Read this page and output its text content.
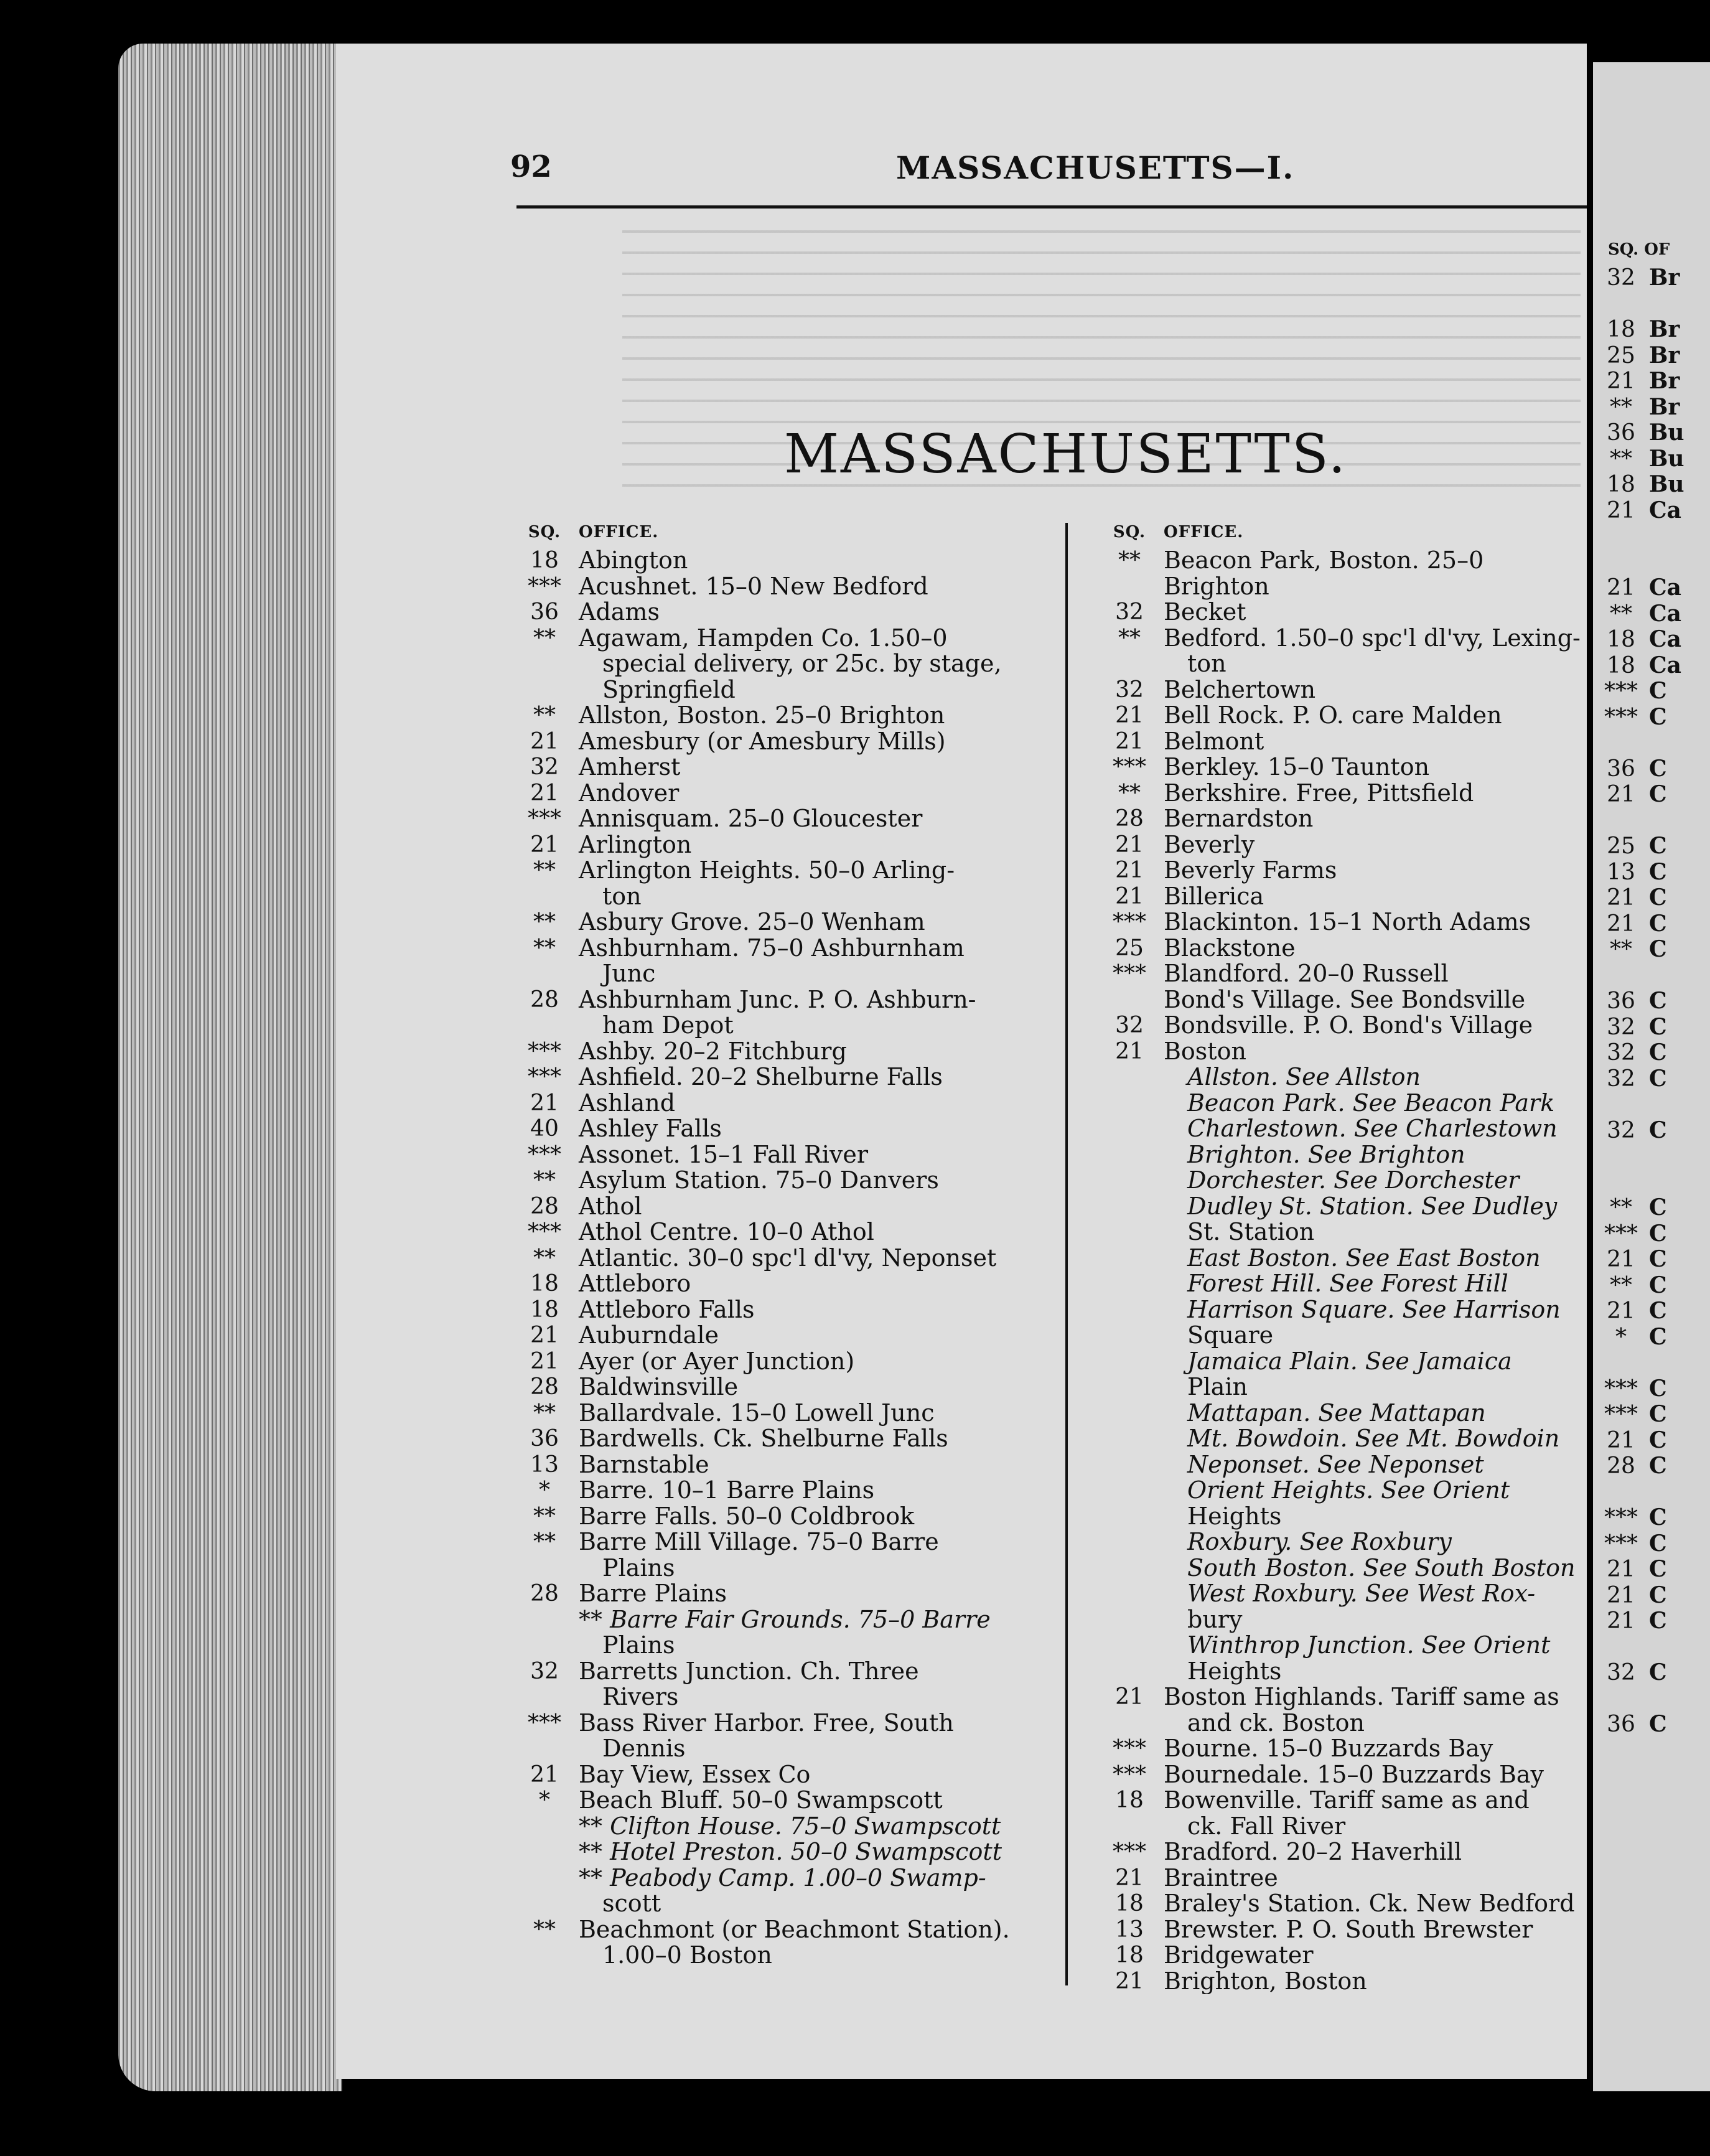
SQ. OF
32 Br
18 Br
25 Br
21 Br
** Br
36 Bu
** Bu
18 Bu
21 Ca
21 Ca
** Ca
18 Ca
18 Ca
*** C
*** C
36 C
21 C
25 C
13 C
21 C
21 C
** C
36 C
32 C
32 C
32 C
32 C
** C
*** C
21 C
** C
21 C
*	C
*** C
*** C
21 C
28 C
*** C
*** C
21 C
21 C
21 C
32 C
36 C
92	MASSACHUSETTS—I.
MASSACHUSETTS.
SQ.	OFFICE.
18 Abington
*** Acushnet. 15–0 New Bedford
36 Adams
** Agawam, Hampden Co. 1.50–0
special delivery, or 25c. by stage,
Springfield
** Allston, Boston. 25–0 Brighton
21 Amesbury (or Amesbury Mills)
32 Amherst
21 Andover
*** Annisquam. 25–0 Gloucester
21 Arlington
** Arlington Heights. 50–0 Arling-
ton
** Asbury Grove. 25–0 Wenham
** Ashburnham. 75–0 Ashburnham
Junc
28 Ashburnham Junc. P. O. Ashburn-
ham Depot
*** Ashby. 20–2 Fitchburg
*** Ashfield. 20–2 Shelburne Falls
21 Ashland
40 Ashley Falls
*** Assonet. 15–1 Fall River
** Asylum Station. 75–0 Danvers
28 Athol
*** Athol Centre. 10–0 Athol
** Atlantic. 30–0 spc'l dl'vy, Neponset
18 Attleboro
18 Attleboro Falls
21 Auburndale
21 Ayer (or Ayer Junction)
28 Baldwinsville
** Ballardvale. 15–0 Lowell Junc
36 Bardwells. Ck. Shelburne Falls
13 Barnstable
*	Barre. 10–1 Barre Plains
** Barre Falls. 50–0 Coldbrook
** Barre Mill Village. 75–0 Barre
Plains
28 Barre Plains
** Barre Fair Grounds. 75–0 Barre
Plains
32 Barretts Junction. Ch. Three
Rivers
*** Bass River Harbor. Free, South
Dennis
21 Bay View, Essex Co
*	Beach Bluff. 50–0 Swampscott
** Clifton House. 75–0 Swampscott
** Hotel Preston. 50–0 Swampscott
** Peabody Camp. 1.00–0 Swamp-
scott
** Beachmont (or Beachmont Station).
1.00–0 Boston
SQ.	OFFICE.
** Beacon Park, Boston. 25–0 Brighton
32 Becket
** Bedford. 1.50–0 spc'l dl'vy, Lexing-
ton
32 Belchertown
21 Bell Rock. P. O. care Malden
21 Belmont
*** Berkley. 15–0 Taunton
** Berkshire. Free, Pittsfield
28 Bernardston
21 Beverly
21 Beverly Farms
21 Billerica
*** Blackinton. 15–1 North Adams
25 Blackstone
*** Blandford. 20–0 Russell
Bond's Village. See Bondsville
32 Bondsville. P. O. Bond's Village
21 Boston
Allston. See Allston
Beacon Park. See Beacon Park
Charlestown. See Charlestown
Brighton. See Brighton
Dorchester. See Dorchester
Dudley St. Station. See Dudley
St. Station
East Boston. See East Boston
Forest Hill. See Forest Hill
Harrison Square. See Harrison
Square
Jamaica Plain. See Jamaica
Plain
Mattapan. See Mattapan
Mt. Bowdoin. See Mt. Bowdoin
Neponset. See Neponset
Orient Heights. See Orient
Heights
Roxbury. See Roxbury
South Boston. See South Boston
West Roxbury. See West Rox-
bury
Winthrop Junction. See Orient
Heights
21 Boston Highlands. Tariff same as
and ck. Boston
*** Bourne. 15–0 Buzzards Bay
*** Bournedale. 15–0 Buzzards Bay
18 Bowenville. Tariff same as and
ck. Fall River
*** Bradford. 20–2 Haverhill
21 Braintree
18 Braley's Station. Ck. New Bedford
13 Brewster. P. O. South Brewster
18 Bridgewater
21 Brighton, Boston
